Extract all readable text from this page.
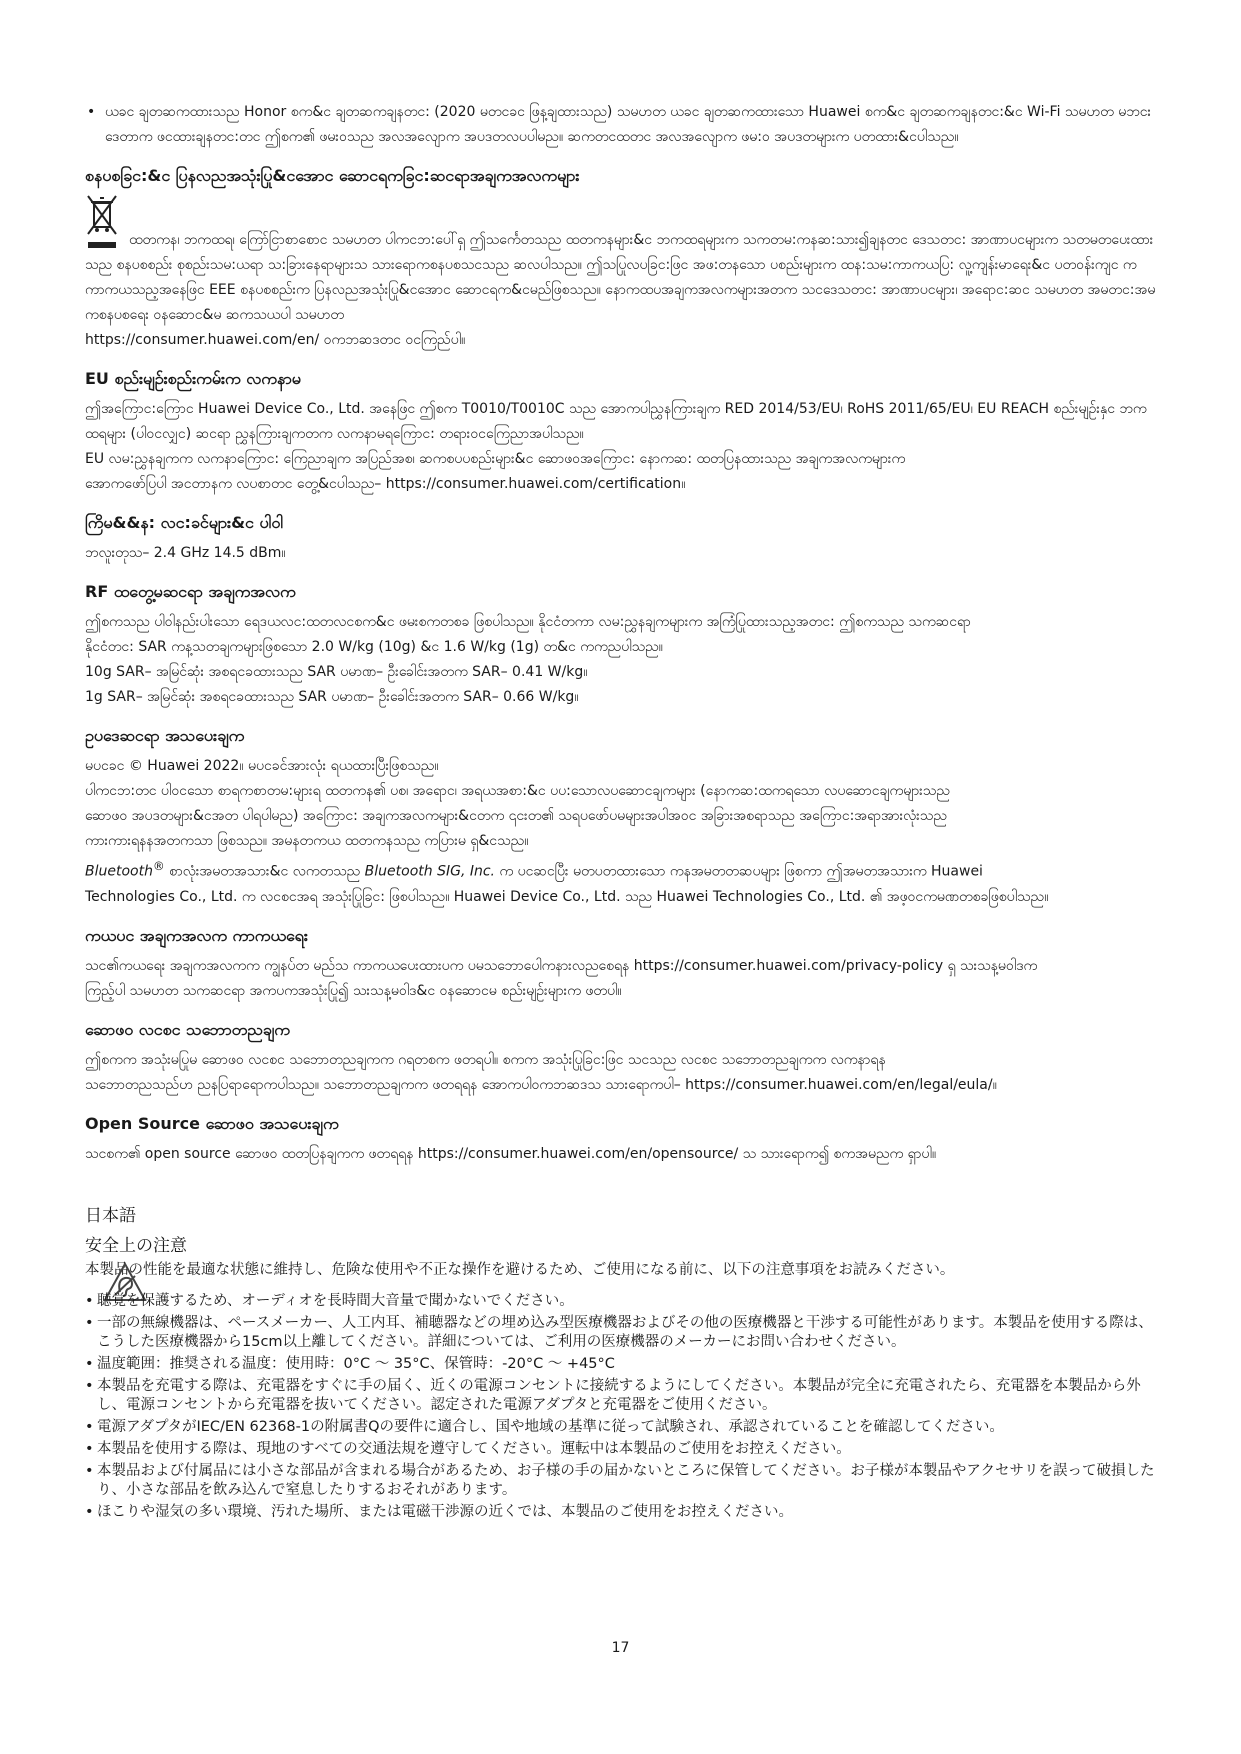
• ယခင ချတဆကထားသည Honor စက&င ချတဆကချနတင: (2020 မတငခင ဖြန့ချထားသည) သမဟတ ယခင ချတဆကထားသော Huawei စက&င ချတဆကချနတင:&င Wi-Fi သမဟတ မဘငးဒေတာက ဖငထားချနတင:တင ဤစက၏ ဖမးဝသည အလအလျောက အပဒတလပပါမည။ ဆကတငထတင အလအလျောက ဖမ:ဝ အပဒတများက ပတထား&ငပါသည။

စနပစခြင:&င ပြနလညအသုံးပြု&ငအောင ဆောငရကခြင:ဆငရာအချကအလကများ

ထတကန၊ ဘကထရ၊ ကြော်ငြာစာစောင သမဟတ ပါကငဘ:ပေါ်ရှ ဤသင်္ကေတသည ထတကနများ&င ဘကထရများက သကတမ:ကနဆ:သား၍ချနတင ဒေသတင: အာဏာပငများက သတမတပေးထားသည စနပစစည်း စုစည်းသမ:ယရာ သ:ခြား‌နေရာများသ သားရောကစနပစသငသည ဆလပါသည။ ဤသပြုလပခြင:ဖြင အဖ:တနသော ပစည်းများက ထန:သမ:ကာကယပြ: လူ့ကျန်းမာရေး&င ပတဝန်းကျင က ကာကယသည့အနေဖြင EEE စနပစစည်းက ပြနလညအသုံးပြု&ငအောင ဆောငရက&ငမည်ဖြစသည။ နောကထပအချကအလကများအတက သင‌ဒေသတင: အာဏာပငများ၊ အရောင:ဆင သမဟတ အမတင:အမကစနပစရေး ဝနဆောင&မ ဆကသယပါ သမဟတ

https://consumer.huawei.com/en/ ဝကဘဆဒတင ဝငကြည်ပါ။

EU စည်းမျဉ်းစည်းကမ်းက လကနာမ

ဤအကြောင:ကြောင Huawei Device Co., Ltd. အနေဖြင ဤစက T0010/T0010C သည အောကပါညွှနကြားချက RED 2014/53/EU၊ RoHS 2011/65/EU၊ EU REACH စည်းမျဉ်းနှင ဘကထရများ (ပါဝင​လျှင) ဆငရာ ညွှနကြားချကတက လကနာမရကြောင: တရားဝငကြေညာအပါသည။

EU လမ:ညွှနချကက လကနာကြောင: ကြေညာချက အပြည်အစ၊ ဆကစပပစည်းများ&င ဆောဖဝအကြောင: နောကဆ: ထတပြနထားသည အချကအလကများက

အောကဖော်ပြပါ အငတာနက လပစာတင တွေ့&ငပါသည– https://consumer.huawei.com/certification။

ကြိမ&&န: လင:ခင်များ&င ပါဝါ

ဘလူးတုသ– 2.4 GHz 14.5 dBm။

RF ထတွေ့မဆငရာ အချကအလက

ဤစကသည ပါဝါနည်းပါးသော ရေဒယ​လင:ထတလငစက&င ဖမးစကတစခ ဖြစပါသည။ နိုငငံတကာ လမ:ညွှနချကများက အကြံပြုထားသည့အတင: ဤစကသည သကဆငရာ

နိုငငံတင: SAR ကန့သတချကများဖြစသော 2.0 W/kg (10g) &င 1.6 W/kg (1g) တ&င ကကညပါသည။

10g SAR– အမြင်ဆုံး အစရငခထားသည SAR ပမာဏ– ဦးခေါင်းအတက SAR– 0.41 W/kg။

1g SAR– အမြင်ဆုံး အစရငခထားသည SAR ပမာဏ– ဦးခေါင်းအတက SAR– 0.66 W/kg။

ဥပဒေဆငရာ အသပေးချက

မပငခင © Huawei 2022။ မပငခင်အား​လုံး ရယထား​ပြီးဖြစသည။

ပါကင​ဘ:တင ပါဝင​သော စာရက​စာတမ:များရ ထတကန၏ ပစ၊ အရောင၊ အရယအစာ:&င ပပ:သော​လပ​ဆောင​ချက​များ (နောက​ဆ:​ထက​ရ​သော လပ​ဆောင​ချက​များ​သည

ဆောဖဝ အပဒတများ&ငအတ ပါရပါမည) အကြောင: အချကအလကများ&ငတက ၎ငးတ၏ သရပဖော်ပမများအပါအဝင အခြားအစရာသည အကြောင:အရာအား​လုံး​သည

ကားကားရနနအတကသာ ဖြစသည။ အမနတကယ ထတကနသည ကပြား​မ ရှ&ငသည။

Bluetooth® စာလုံးအမတအသား&င လကတသည Bluetooth SIG, Inc. က ပငဆငပြီး မတပတထားသော ကနအမတတဆပများ ဖြစကာ ဤအမတအသားက Huawei

Technologies Co., Ltd. က လငစငအရ အသုံးပြုခြင: ဖြစပါသည။ Huawei Device Co., Ltd. သည Huawei Technologies Co., Ltd. ၏ အဖ့ဝငကမဏတစခဖြစပါသည။

ကယပင အချကအလက ကာကယရေး

သင၏ကယရေး အချကအလကက ကျွနပ်တ မည်သ ကာကယပေးထား​ပက ပမသဘောပေါကနားလည​စေရန https://consumer.huawei.com/privacy-policy ရှ သးသန့မ​ဝါဒက

ကြည့်ပါ သမဟတ သကဆငရာ အကပကအသုံး​ပြု၍ သးသန့မ​ဝါဒ&င ဝနဆောင​မ စည်းမျဉ်းများက ဖတပါ။

ဆောဖဝ လငစင သဘောတညချက

ဤစကက အသုံးမပြုမ ဆောဖဝ လငစင သဘောတညချကက ဂရတစက ဖတရပါ။ စကက အသုံးပြုခြင:ဖြင သငသည လငစင သဘောတညချကက လကနာရန

သဘောတညသည်ဟ ညနပြ​ရာ​ရောက​ပါ​သည။ သဘောတညချကက ဖတရရန အောကပါဝကဘဆဒသ သားရောကပါ– https://consumer.huawei.com/en/legal/eula/။

Open Source ဆောဖဝ အသပေးချက

သငစက၏ open source ဆောဖဝ ထတပြနချကက ဖတရရန https://consumer.huawei.com/en/opensource/ သ သားရောက၍ စကအမည​က ရှာပါ။

日本語
安全上の注意

本製品の性能を最適な状態に維持し、危険な使用や不正な操作を避けるため、ご使用になる前に、以下の注意事項をお読みください。

• 聴覚を保護するため、オーディオを長時間大音量で聞かないでください。

• 一部の無線機器は、ペースメーカー、人工内耳、補聴器などの埋め込み型医療機器およびその他の医療機器と干渉する可能性があります。本製品を使用する際は、こうした医療機器から15cm以上離してください。詳細については、ご利用の医療機器のメーカーにお問い合わせください。

• 温度範囲：推奨される温度：使用時：0°C ～ 35°C、保管時：-20°C ～ +45°C

• 本製品を充電する際は、充電器をすぐに手の届く、近くの電源コンセントに接続するようにしてください。本製品が完全に充電されたら、充電器を本製品から外し、電源コンセントから充電器を抜いてください。認定された電源アダプタと充電器をご使用ください。

• 電源アダプタがIEC/EN 62368-1の附属書Qの要件に適合し、国や地域の基準に従って試験され、承認されていることを確認してください。

• 本製品を使用する際は、現地のすべての交通法規を遵守してください。運転中は本製品のご使用をお控えください。

• 本製品および付属品には小さな部品が含まれる場合があるため、お子様の手の届かないところに保管してください。お子様が本製品やアクセサリを誤って破損したり、小さな部品を飲み込んで窒息したりするおそれがあります。

• ほこりや湿気の多い環境、汚れた場所、または電磁干渉源の近くでは、本製品のご使用をお控えください。

17
